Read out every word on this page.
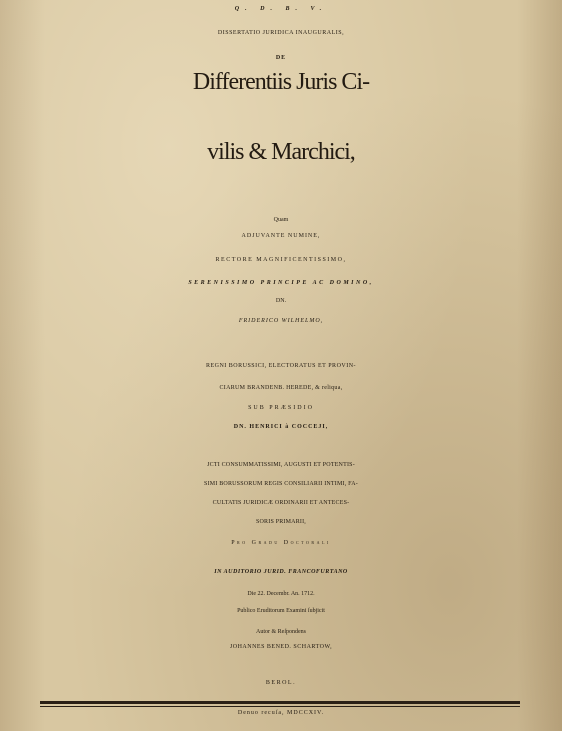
Q. D. B. V.
DISSERTATIO JURIDICA INAUGURALIS,
DE
Differentiis Juris Ci-
vilis & Marchici,
Quam
ADJUVANTE NUMINE,
RECTORE MAGNIFICENTISSIMO,
SERENISSIMO PRINCIPE AC DOMINO,
DN.
FRIDERICO WILHELMO,
REGNI BORUSSICI, ELECTORATUS ET PROVIN-
CIARUM BRANDENB. HEREDE, & reliqua,
SUB PRÆSIDIO
DN. HENRICI à COCCEJI,
JCTI CONSUMMATISSIMI, AUGUSTI ET POTENTIS-
SIMI BORUSSORUM REGIS CONSILIARII INTIMI, FA-
CULTATIS JURIDICÆ ORDINARII ET ANTECES-
SORIS PRIMARII,
Pro Gradu Doctorali
IN AUDITORIO JURID. FRANCOFURTANO
Die 22. Decembr. An. 1712.
Publico Eruditorum Examini ſubjicit
Autor & Reſpondens
JOHANNES BENED. SCHARTOW,
BEROL.
Denuo recuſa, MDCCXIV.
